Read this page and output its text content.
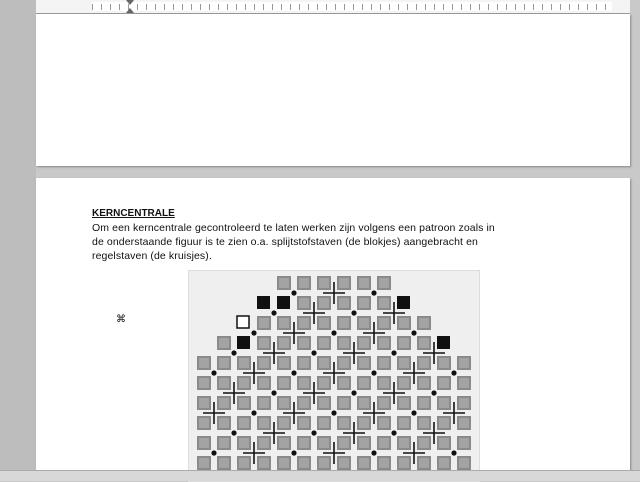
KERNCENTRALE
Om een kerncentrale gecontroleerd te laten werken zijn volgens een patroon zoals in
de onderstaande figuur is te zien o.a. splijtstofstaven (de blokjes) aangebracht en
regelstaven (de kruisjes).
⌘
